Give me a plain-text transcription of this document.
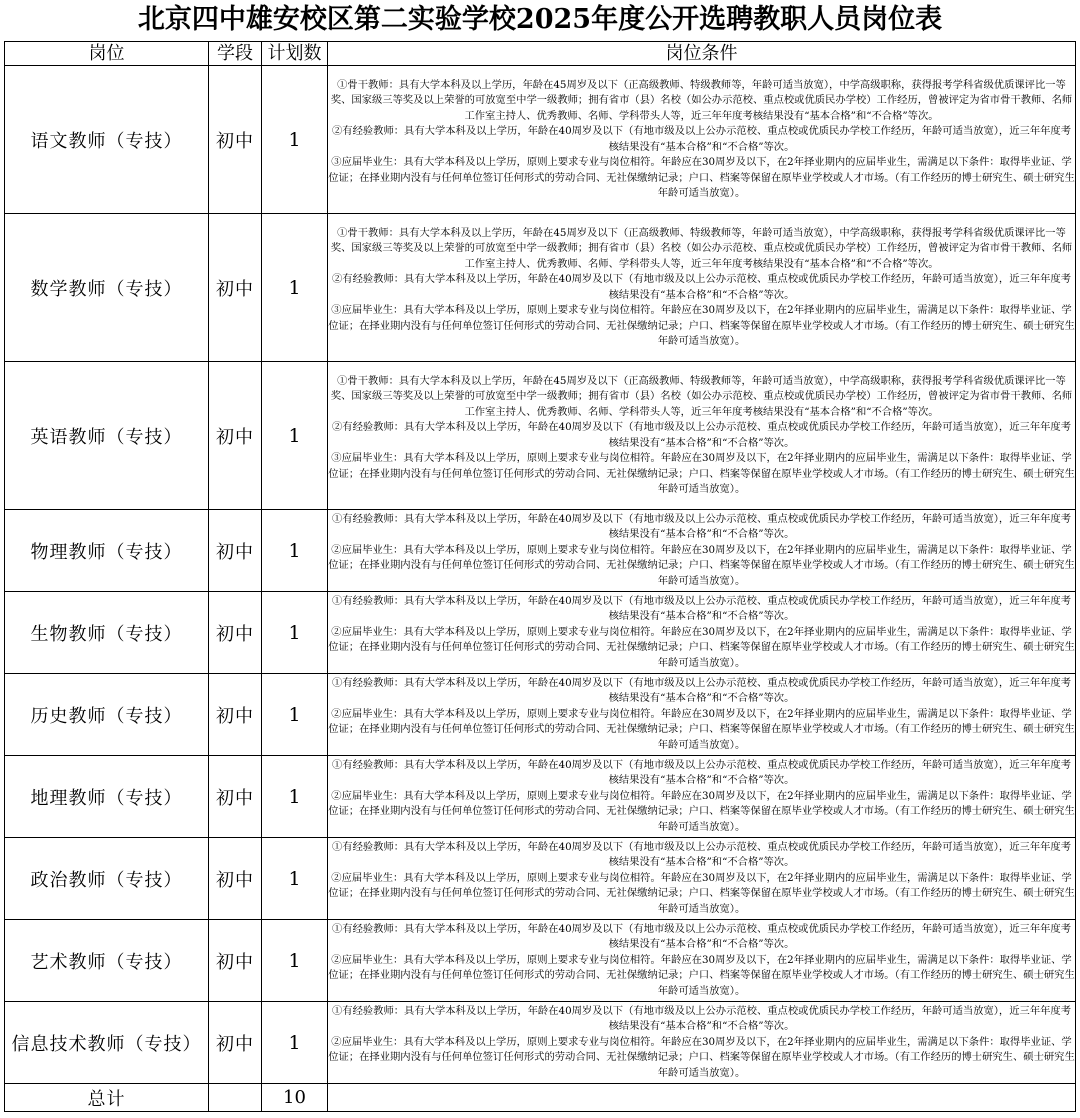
北京四中雄安校区第二实验学校2025年度公开选聘教职人员岗位表
岗位	学段	计划数	岗位条件
语文教师（专技）	初中	1	①骨干教师：具有大学本科及以上学历，年龄在45周岁及以下（正高级教师、特级教师等，年龄可适当放宽），中学高级职称，获得报考学科省级优质课评比一等奖、国家级三等奖及以上荣誉的可放宽至中学一级教师；拥有省市（县）名校（如公办示范校、重点校或优质民办学校）工作经历，曾被评定为省市骨干教师、名师工作室主持人、优秀教师、名师、学科带头人等，近三年年度考核结果没有“基本合格”和“不合格”等次。

②有经验教师：具有大学本科及以上学历，年龄在40周岁及以下（有地市级及以上公办示范校、重点校或优质民办学校工作经历，年龄可适当放宽），近三年年度考核结果没有“基本合格”和“不合格”等次。

③应届毕业生：具有大学本科及以上学历，原则上要求专业与岗位相符。年龄应在30周岁及以下，在2年择业期内的应届毕业生，需满足以下条件：取得毕业证、学位证；在择业期内没有与任何单位签订任何形式的劳动合同、无社保缴纳记录；户口、档案等保留在原毕业学校或人才市场。（有工作经历的博士研究生、硕士研究生年龄可适当放宽）。

数学教师（专技）	初中	1	①骨干教师：具有大学本科及以上学历，年龄在45周岁及以下（正高级教师、特级教师等，年龄可适当放宽），中学高级职称，获得报考学科省级优质课评比一等奖、国家级三等奖及以上荣誉的可放宽至中学一级教师；拥有省市（县）名校（如公办示范校、重点校或优质民办学校）工作经历，曾被评定为省市骨干教师、名师工作室主持人、优秀教师、名师、学科带头人等，近三年年度考核结果没有“基本合格”和“不合格”等次。

②有经验教师：具有大学本科及以上学历，年龄在40周岁及以下（有地市级及以上公办示范校、重点校或优质民办学校工作经历，年龄可适当放宽），近三年年度考核结果没有“基本合格”和“不合格”等次。

③应届毕业生：具有大学本科及以上学历，原则上要求专业与岗位相符。年龄应在30周岁及以下，在2年择业期内的应届毕业生，需满足以下条件：取得毕业证、学位证；在择业期内没有与任何单位签订任何形式的劳动合同、无社保缴纳记录；户口、档案等保留在原毕业学校或人才市场。（有工作经历的博士研究生、硕士研究生年龄可适当放宽）。

英语教师（专技）	初中	1	①骨干教师：具有大学本科及以上学历，年龄在45周岁及以下（正高级教师、特级教师等，年龄可适当放宽），中学高级职称，获得报考学科省级优质课评比一等奖、国家级三等奖及以上荣誉的可放宽至中学一级教师；拥有省市（县）名校（如公办示范校、重点校或优质民办学校）工作经历，曾被评定为省市骨干教师、名师工作室主持人、优秀教师、名师、学科带头人等，近三年年度考核结果没有“基本合格”和“不合格”等次。

②有经验教师：具有大学本科及以上学历，年龄在40周岁及以下（有地市级及以上公办示范校、重点校或优质民办学校工作经历，年龄可适当放宽），近三年年度考核结果没有“基本合格”和“不合格”等次。

③应届毕业生：具有大学本科及以上学历，原则上要求专业与岗位相符。年龄应在30周岁及以下，在2年择业期内的应届毕业生，需满足以下条件：取得毕业证、学位证；在择业期内没有与任何单位签订任何形式的劳动合同、无社保缴纳记录；户口、档案等保留在原毕业学校或人才市场。（有工作经历的博士研究生、硕士研究生年龄可适当放宽）。

物理教师（专技）	初中	1	①有经验教师：具有大学本科及以上学历，年龄在40周岁及以下（有地市级及以上公办示范校、重点校或优质民办学校工作经历，年龄可适当放宽），近三年年度考核结果没有“基本合格”和“不合格”等次。

②应届毕业生：具有大学本科及以上学历，原则上要求专业与岗位相符。年龄应在30周岁及以下，在2年择业期内的应届毕业生，需满足以下条件：取得毕业证、学位证；在择业期内没有与任何单位签订任何形式的劳动合同、无社保缴纳记录；户口、档案等保留在原毕业学校或人才市场。（有工作经历的博士研究生、硕士研究生年龄可适当放宽）。

生物教师（专技）	初中	1	①有经验教师：具有大学本科及以上学历，年龄在40周岁及以下（有地市级及以上公办示范校、重点校或优质民办学校工作经历，年龄可适当放宽），近三年年度考核结果没有“基本合格”和“不合格”等次。

②应届毕业生：具有大学本科及以上学历，原则上要求专业与岗位相符。年龄应在30周岁及以下，在2年择业期内的应届毕业生，需满足以下条件：取得毕业证、学位证；在择业期内没有与任何单位签订任何形式的劳动合同、无社保缴纳记录；户口、档案等保留在原毕业学校或人才市场。（有工作经历的博士研究生、硕士研究生年龄可适当放宽）。

历史教师（专技）	初中	1	①有经验教师：具有大学本科及以上学历，年龄在40周岁及以下（有地市级及以上公办示范校、重点校或优质民办学校工作经历，年龄可适当放宽），近三年年度考核结果没有“基本合格”和“不合格”等次。

②应届毕业生：具有大学本科及以上学历，原则上要求专业与岗位相符。年龄应在30周岁及以下，在2年择业期内的应届毕业生，需满足以下条件：取得毕业证、学位证；在择业期内没有与任何单位签订任何形式的劳动合同、无社保缴纳记录；户口、档案等保留在原毕业学校或人才市场。（有工作经历的博士研究生、硕士研究生年龄可适当放宽）。

地理教师（专技）	初中	1	①有经验教师：具有大学本科及以上学历，年龄在40周岁及以下（有地市级及以上公办示范校、重点校或优质民办学校工作经历，年龄可适当放宽），近三年年度考核结果没有“基本合格”和“不合格”等次。

②应届毕业生：具有大学本科及以上学历，原则上要求专业与岗位相符。年龄应在30周岁及以下，在2年择业期内的应届毕业生，需满足以下条件：取得毕业证、学位证；在择业期内没有与任何单位签订任何形式的劳动合同、无社保缴纳记录；户口、档案等保留在原毕业学校或人才市场。（有工作经历的博士研究生、硕士研究生年龄可适当放宽）。

政治教师（专技）	初中	1	①有经验教师：具有大学本科及以上学历，年龄在40周岁及以下（有地市级及以上公办示范校、重点校或优质民办学校工作经历，年龄可适当放宽），近三年年度考核结果没有“基本合格”和“不合格”等次。

②应届毕业生：具有大学本科及以上学历，原则上要求专业与岗位相符。年龄应在30周岁及以下，在2年择业期内的应届毕业生，需满足以下条件：取得毕业证、学位证；在择业期内没有与任何单位签订任何形式的劳动合同、无社保缴纳记录；户口、档案等保留在原毕业学校或人才市场。（有工作经历的博士研究生、硕士研究生年龄可适当放宽）。

艺术教师（专技）	初中	1	①有经验教师：具有大学本科及以上学历，年龄在40周岁及以下（有地市级及以上公办示范校、重点校或优质民办学校工作经历，年龄可适当放宽），近三年年度考核结果没有“基本合格”和“不合格”等次。

②应届毕业生：具有大学本科及以上学历，原则上要求专业与岗位相符。年龄应在30周岁及以下，在2年择业期内的应届毕业生，需满足以下条件：取得毕业证、学位证；在择业期内没有与任何单位签订任何形式的劳动合同、无社保缴纳记录；户口、档案等保留在原毕业学校或人才市场。（有工作经历的博士研究生、硕士研究生年龄可适当放宽）。

信息技术教师（专技）	初中	1	①有经验教师：具有大学本科及以上学历，年龄在40周岁及以下（有地市级及以上公办示范校、重点校或优质民办学校工作经历，年龄可适当放宽），近三年年度考核结果没有“基本合格”和“不合格”等次。

②应届毕业生：具有大学本科及以上学历，原则上要求专业与岗位相符。年龄应在30周岁及以下，在2年择业期内的应届毕业生，需满足以下条件：取得毕业证、学位证；在择业期内没有与任何单位签订任何形式的劳动合同、无社保缴纳记录；户口、档案等保留在原毕业学校或人才市场。（有工作经历的博士研究生、硕士研究生年龄可适当放宽）。

总计		10	
